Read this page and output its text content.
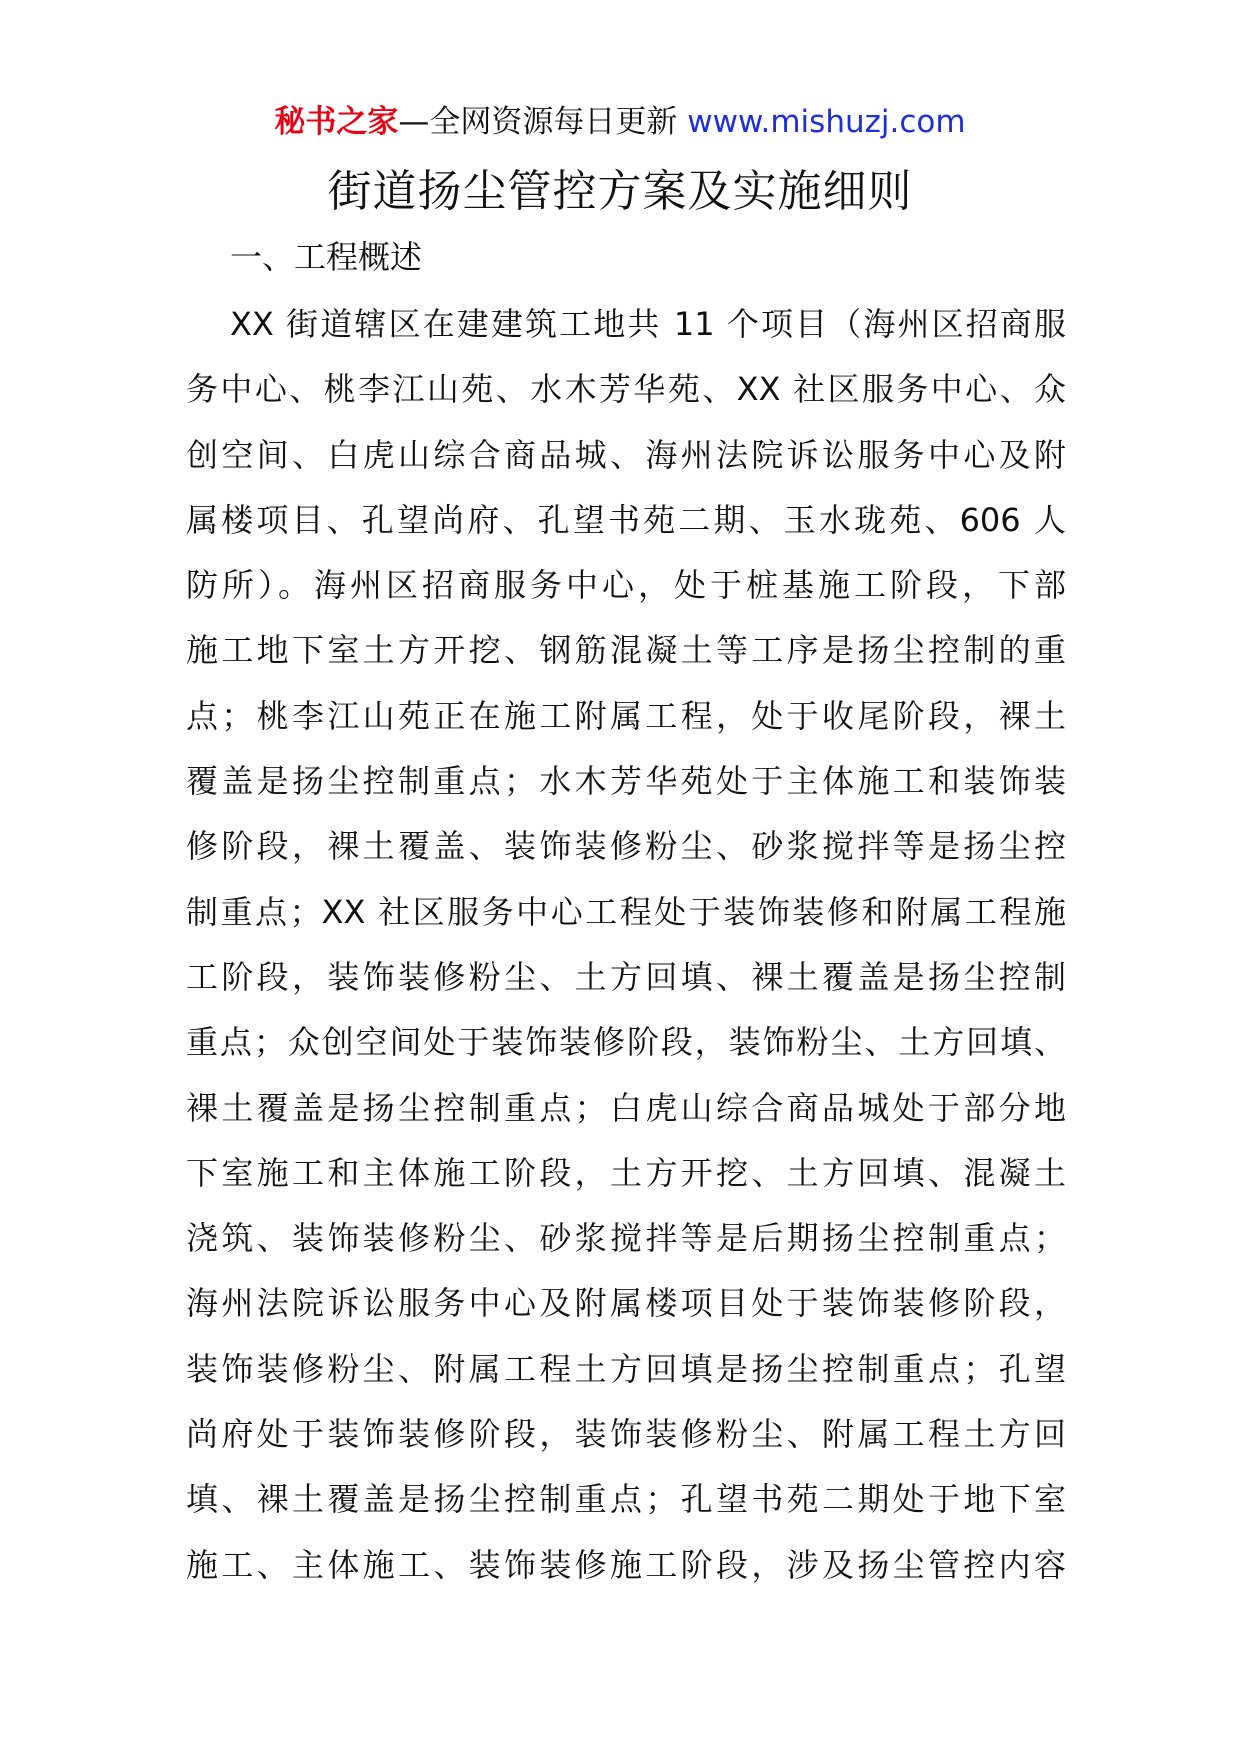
秘书之家—全网资源每日更新 www.mishuzj.com
街道扬尘管控方案及实施细则
一、工程概述
XX 街道辖区在建建筑工地共 11 个项目（海州区招商服
务中心、桃李江山苑、水木芳华苑、XX 社区服务中心、众
创空间、白虎山综合商品城、海州法院诉讼服务中心及附
属楼项目、孔望尚府、孔望书苑二期、玉水珑苑、606 人
防所）。海州区招商服务中心，处于桩基施工阶段，下部
施工地下室土方开挖、钢筋混凝土等工序是扬尘控制的重
点；桃李江山苑正在施工附属工程，处于收尾阶段，裸土
覆盖是扬尘控制重点；水木芳华苑处于主体施工和装饰装
修阶段，裸土覆盖、装饰装修粉尘、砂浆搅拌等是扬尘控
制重点；XX 社区服务中心工程处于装饰装修和附属工程施
工阶段，装饰装修粉尘、土方回填、裸土覆盖是扬尘控制
重点；众创空间处于装饰装修阶段，装饰粉尘、土方回填、
裸土覆盖是扬尘控制重点；白虎山综合商品城处于部分地
下室施工和主体施工阶段，土方开挖、土方回填、混凝土
浇筑、装饰装修粉尘、砂浆搅拌等是后期扬尘控制重点；
海州法院诉讼服务中心及附属楼项目处于装饰装修阶段，
装饰装修粉尘、附属工程土方回填是扬尘控制重点；孔望
尚府处于装饰装修阶段，装饰装修粉尘、附属工程土方回
填、裸土覆盖是扬尘控制重点；孔望书苑二期处于地下室
施工、主体施工、装饰装修施工阶段，涉及扬尘管控内容
